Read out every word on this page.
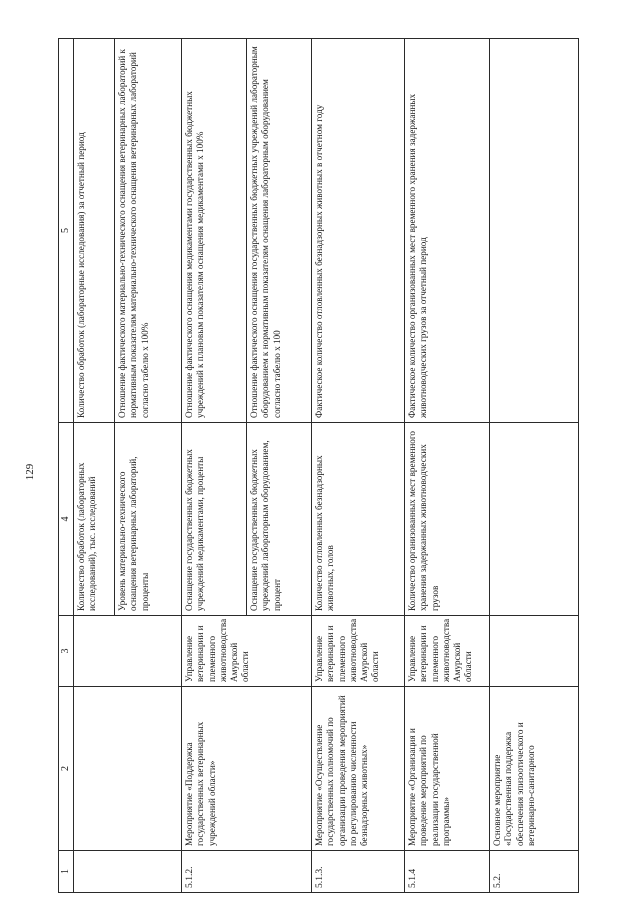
129
1	2	3	4	5
			Количество обработок (лабораторных исследований), тыс. исследований	Количество обработок (лабораторные исследования) за отчетный период
			Уровень материально-технического оснащения ветеринарных лабораторий, проценты	Отношение фактического материально-технического оснащения ветеринарных лабораторий к нормативным показателям материально-технического оснащения ветеринарных лабораторий согласно табелю х 100%
5.1.2.	Мероприятие «Поддержка государственных ветеринарных учреждений области»	Управление ветеринарии и племенного животноводства Амурской области	Оснащение государственных бюджетных учреждений медикаментами, проценты	Отношение фактического оснащения медикаментами государственных бюджетных учреждений к плановым показателям оснащения медикаментами х 100%
			Оснащение государственных бюджетных учреждений лабораторным оборудованием, процент	Отношение фактического оснащения государственных бюджетных учреждений лабораторным оборудованием к нормативным показателям оснащения лабораторным оборудованием согласно табелю х 100
5.1.3.	Мероприятие «Осуществление государственных полномочий по организации проведения мероприятий по регулированию численности безнадзорных животных»	Управление ветеринарии и племенного животноводства Амурской области	Количество отловленных безнадзорных животных, голов	Фактическое количество отловленных безнадзорных животных в отчетном году
5.1.4	Мероприятие «Организация и проведение мероприятий по реализации государственной программы»	Управление ветеринарии и племенного животноводства Амурской области	Количество организованных мест временного хранения задержанных животноводческих грузов	Фактическое количество организованных мест временного хранения задержанных животноводческих грузов за отчетный период
5.2.	Основное мероприятие «Государственная поддержка обеспечения эпизоотического и ветеринарно-санитарного			
